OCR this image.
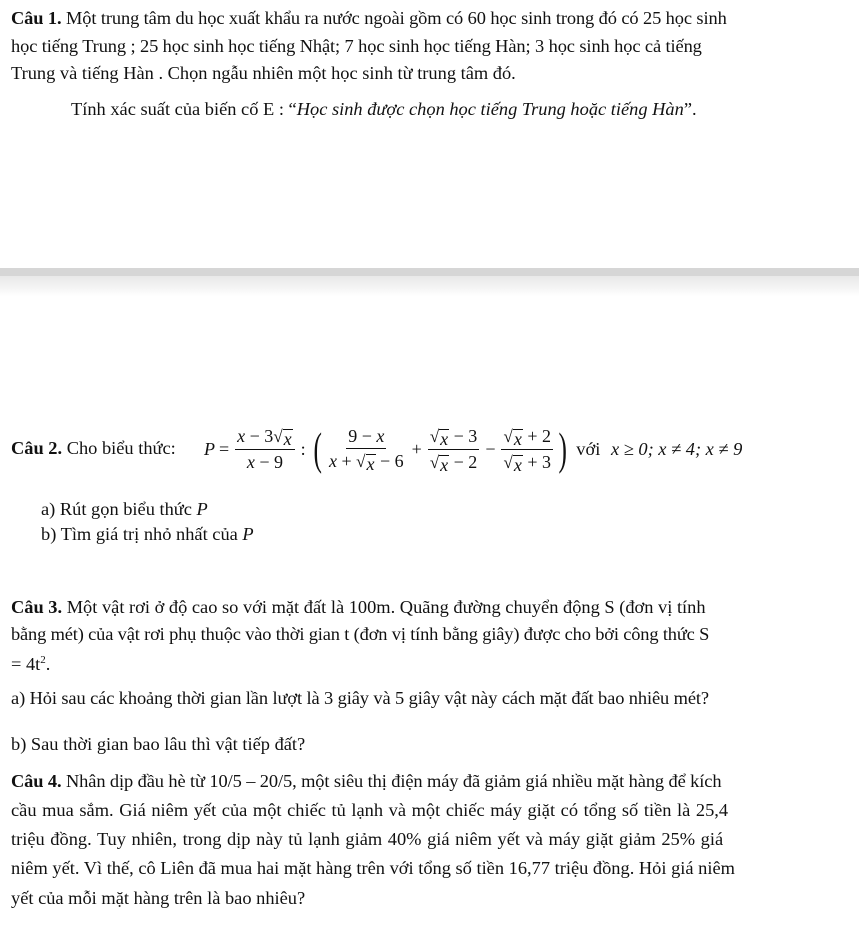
Câu 1. Một trung tâm du học xuất khẩu ra nước ngoài gồm có 60 học sinh trong đó có 25 học sinh
học tiếng Trung ; 25 học sinh học tiếng Nhật; 7 học sinh học tiếng Hàn; 3 học sinh học cả tiếng
Trung và tiếng Hàn . Chọn ngẫu nhiên một học sinh từ trung tâm đó.
Tính xác suất của biến cố E : “Học sinh được chọn học tiếng Trung hoặc tiếng Hàn”.
Câu 2. Cho biểu thức: $P = \frac{x - 3 √ x}{x - 9}$ : ( $\frac{9 - x}{x + √ x - 6} + \frac{√ x - 3}{√ x - 2} - \frac{√ x + 2}{√ x + 3}$ ) với x ≥ 0; x ≠ 4; x ≠ 9
a) Rút gọn biểu thức P
b) Tìm giá trị nhỏ nhất của P
Câu 3. Một vật rơi ở độ cao so với mặt đất là 100m. Quãng đường chuyển động S (đơn vị tính
bằng mét) của vật rơi phụ thuộc vào thời gian t (đơn vị tính bằng giây) được cho bởi công thức S
= $4t^2$.
a) Hỏi sau các khoảng thời gian lần lượt là 3 giây và 5 giây vật này cách mặt đất bao nhiêu mét?
b) Sau thời gian bao lâu thì vật tiếp đất?
Câu 4. Nhân dịp đầu hè từ 10/5 – 20/5, một siêu thị điện máy đã giảm giá nhiều mặt hàng để kích
cầu mua sắm. Giá niêm yết của một chiếc tủ lạnh và một chiếc máy giặt có tổng số tiền là 25,4
triệu đồng. Tuy nhiên, trong dịp này tủ lạnh giảm 40% giá niêm yết và máy giặt giảm 25% giá
niêm yết. Vì thế, cô Liên đã mua hai mặt hàng trên với tổng số tiền 16,77 triệu đồng. Hỏi giá niêm
yết của mỗi mặt hàng trên là bao nhiêu?
